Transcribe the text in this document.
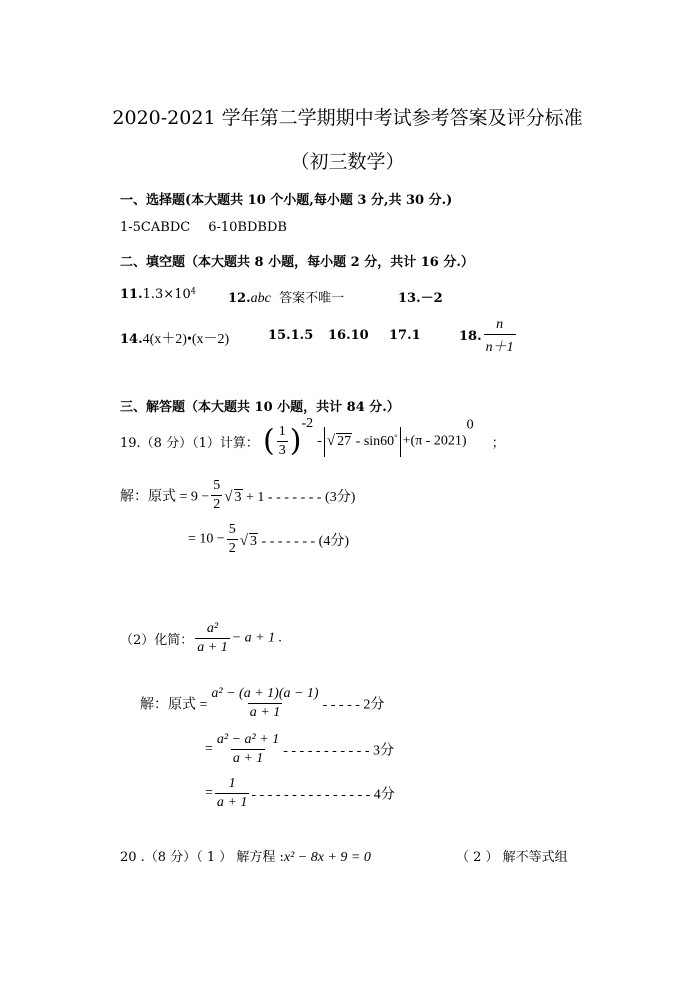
2020-2021 学年第二学期期中考试参考答案及评分标准
（初三数学）
一、选择题(本大题共 10 个小题,每小题 3 分,共 30 分.)
1-5CABDC 6-10BDBDB
二、填空题（本大题共 8 小题，每小题 2 分，共计 16 分.）
$11.1.3\times 10^4$ 12.abc 答案不唯一	13.－2
14.4(x＋2)•(x－2)	15.1.5 16.10 17.1	18. $\frac{n}{n+1}$
三、解答题（本大题共 10 小题，共计 84 分.）
19.（8 分）（1）计算： ( $\frac{1}{3} )^{-2}$ - √ 27 - sin60° +(π - 2021)$^0$ ；
解：原式 = $9 - \frac{5}{2}$ √ 3 + 1 - - - - - - - (3分)
= $10 - \frac{5}{2}$ √ 3 - - - - - - - (4分)
（2）化简： $\frac{\text{a²}}{a + 1} - a + 1$ .
解：原式 = $\frac{\text{a² − (a + 1)(a − 1)}}{a + 1}$ - - - - - 2分
= $\frac{\text{a² − a² + 1}}{a + 1}$ - - - - - - - - - - - 3分
= $\frac{1}{a + 1}$ - - - - - - - - - - - - - - - 4分
20 .（8 分）（ 1 ） 解方程 :x² − 8x + 9 = 0	（ 2 ） 解不等式组
